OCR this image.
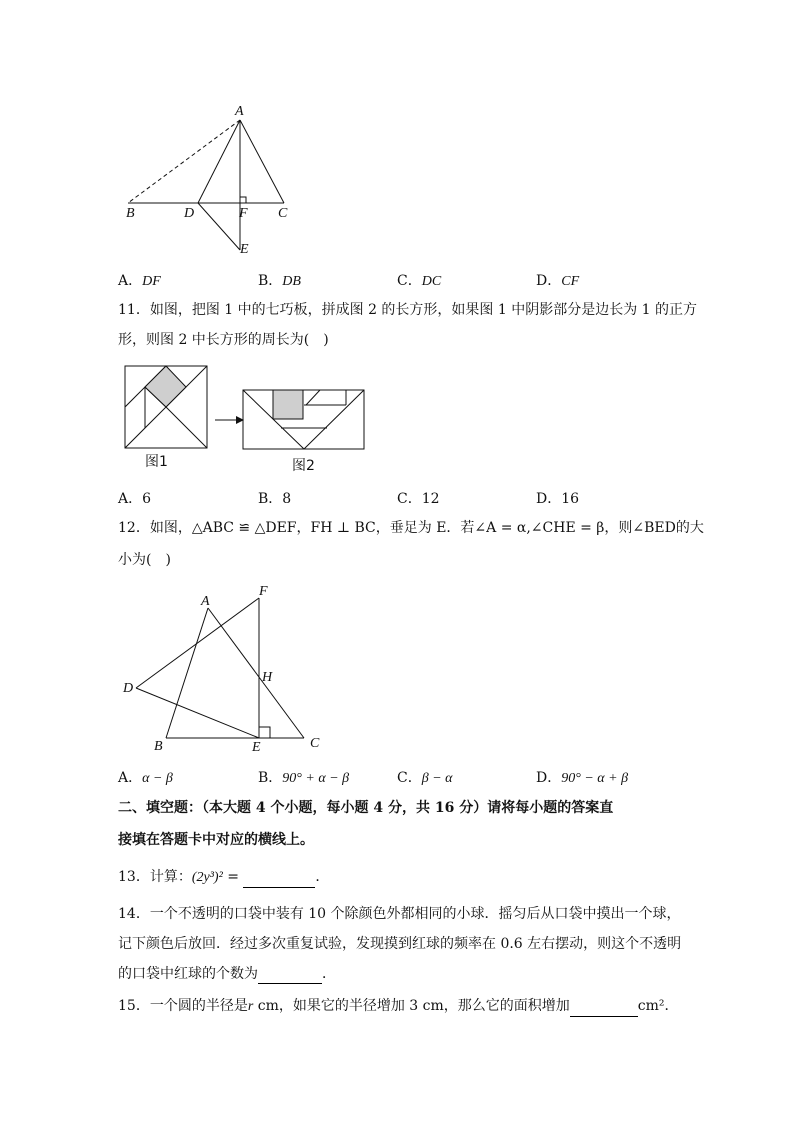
A
B	D	F C
E
A．DF	B．DB	C．DC	D．CF
11．如图，把图 1 中的七巧板，拼成图 2 的长方形，如果图 1 中阴影部分是边长为 1 的正方
形，则图 2 中长方形的周长为(　)
图1	图2
A．6	B．8	C．12	D．16
12．如图，△ABC ≌ △DEF，FH ⊥ BC，垂足为 E．若∠A = α,∠CHE = β，则∠BED的大
小为(　)
A
F
D
H
B	E	C
A．α − β	B．90° + α − β	C．β − α	D．90° − α + β
二、填空题：（本大题 4 个小题，每小题 4 分，共 16 分）请将每小题的答案直
接填在答题卡中对应的横线上。
13．计算：(2y³)² =	．
14．一个不透明的口袋中装有 10 个除颜色外都相同的小球．摇匀后从口袋中摸出一个球，
记下颜色后放回．经过多次重复试验，发现摸到红球的频率在 0.6 左右摆动，则这个不透明
的口袋中红球的个数为	．
15．一个圆的半径是r cm，如果它的半径增加 3 cm，那么它的面积增加	cm²．
